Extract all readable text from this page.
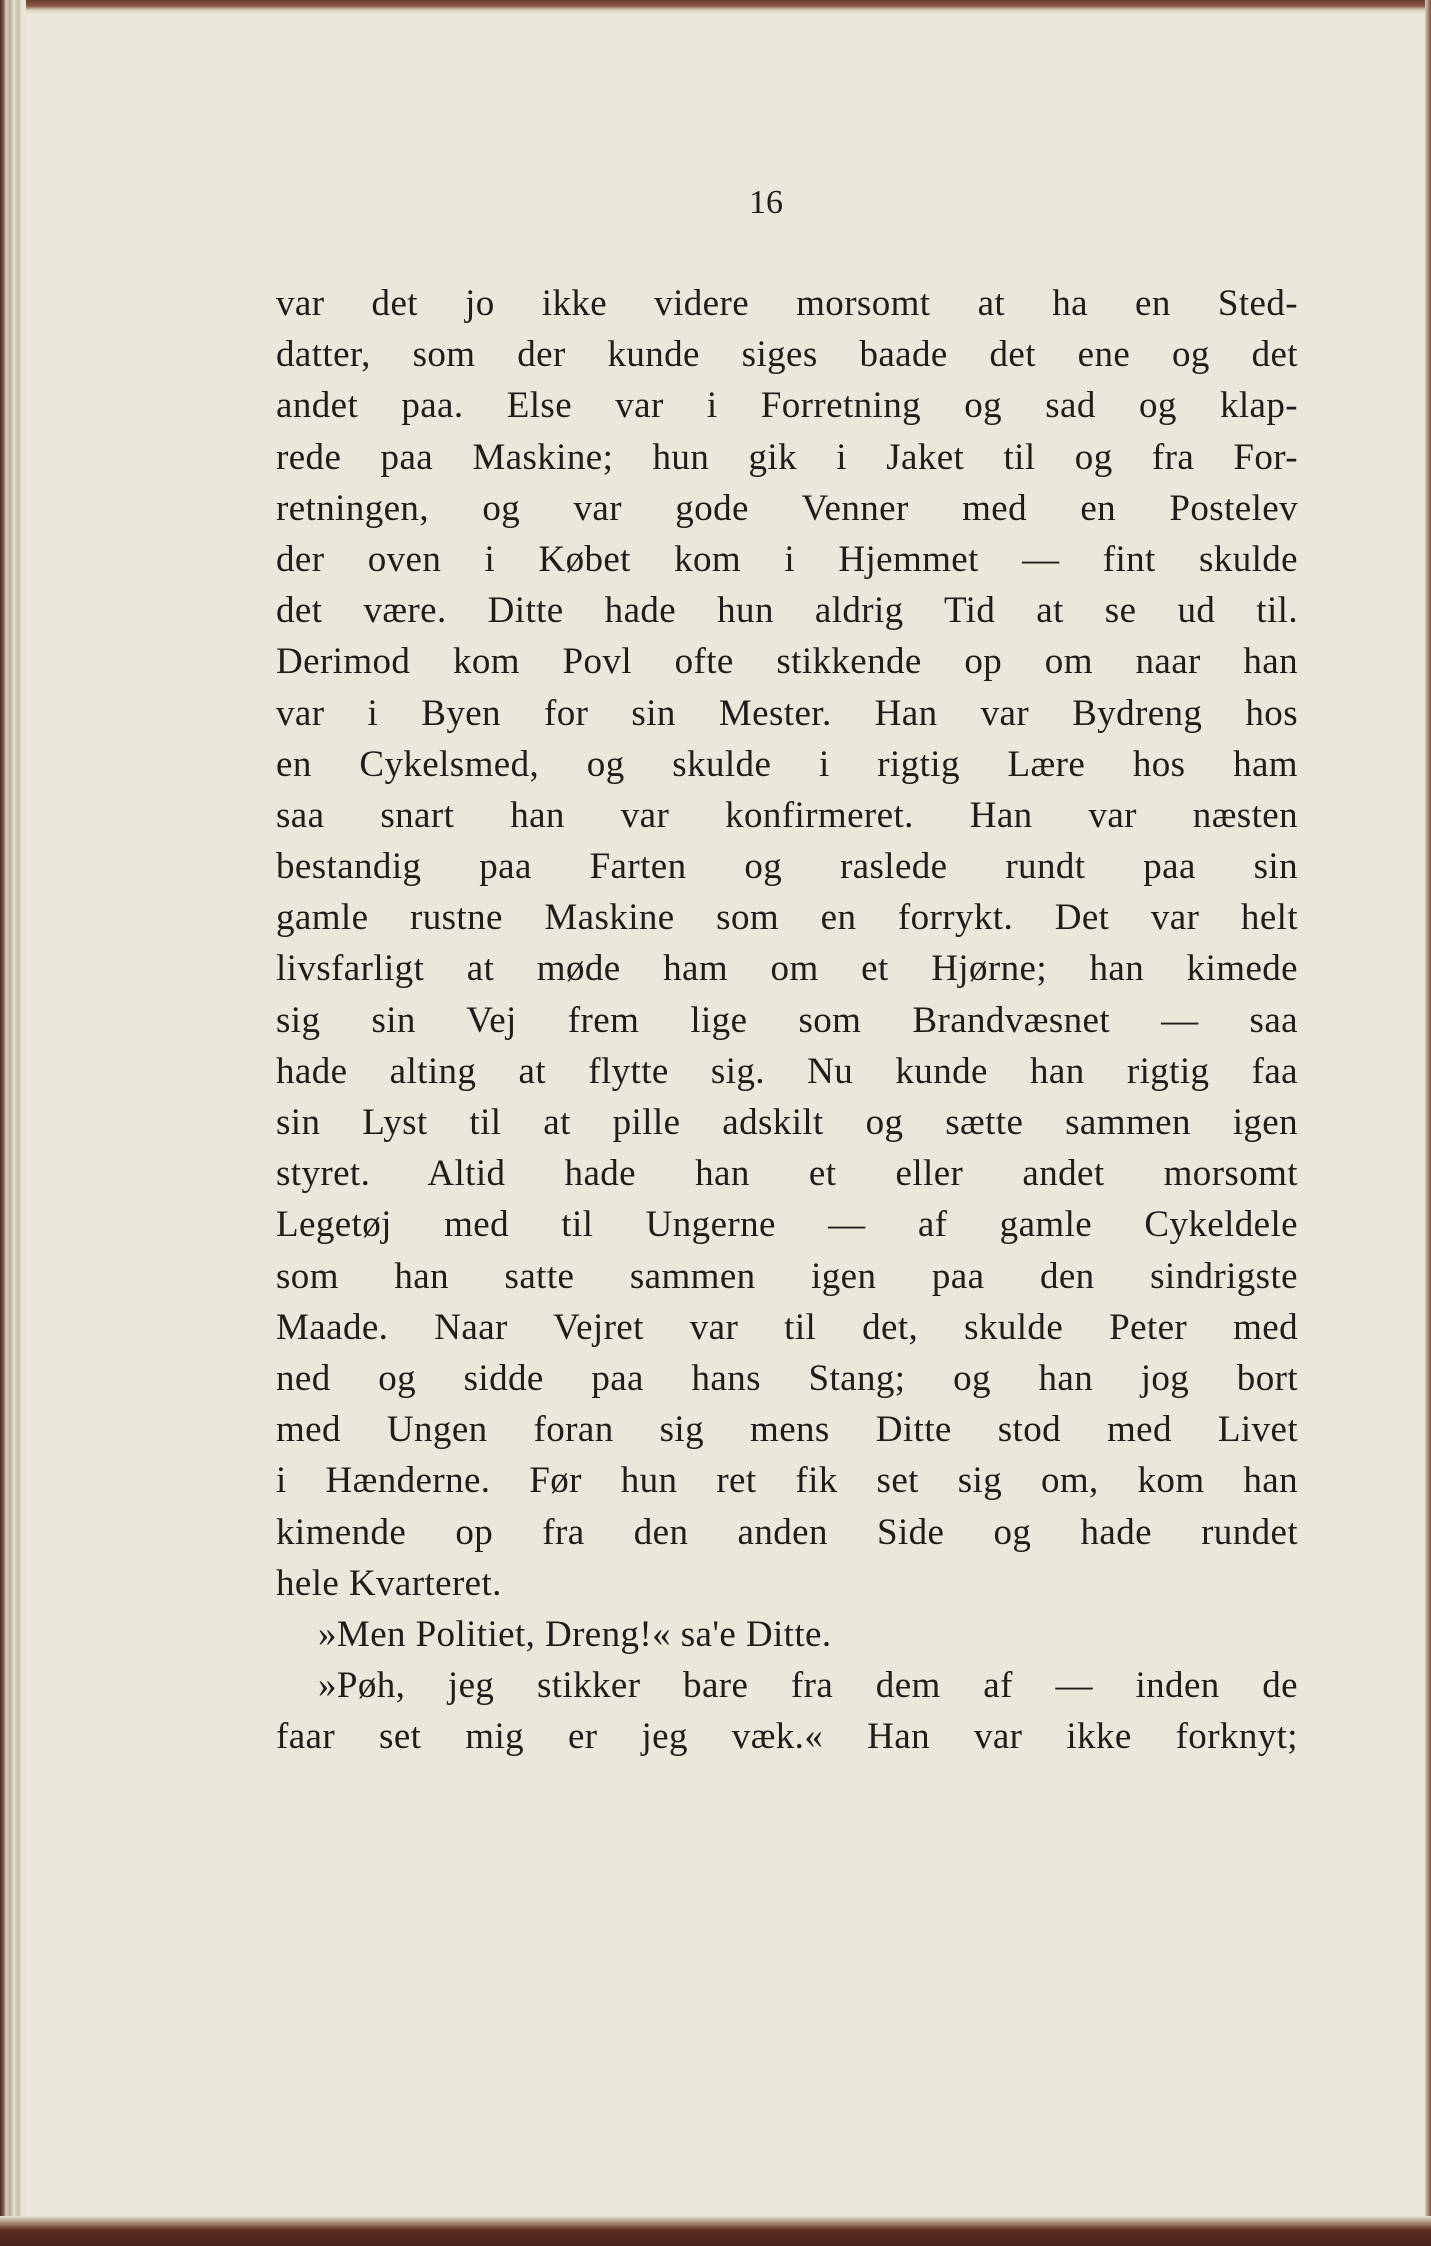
16
var det jo ikke videre morsomt at ha en Sted-
datter, som der kunde siges baade det ene og det
andet paa. Else var i Forretning og sad og klap-
rede paa Maskine; hun gik i Jaket til og fra For-
retningen, og var gode Venner med en Postelev
der oven i Købet kom i Hjemmet — fint skulde
det være. Ditte hade hun aldrig Tid at se ud til.
Derimod kom Povl ofte stikkende op om naar han
var i Byen for sin Mester. Han var Bydreng hos
en Cykelsmed, og skulde i rigtig Lære hos ham
saa snart han var konfirmeret. Han var næsten
bestandig paa Farten og raslede rundt paa sin
gamle rustne Maskine som en forrykt. Det var helt
livsfarligt at møde ham om et Hjørne; han kimede
sig sin Vej frem lige som Brandvæsnet — saa
hade alting at flytte sig. Nu kunde han rigtig faa
sin Lyst til at pille adskilt og sætte sammen igen
styret. Altid hade han et eller andet morsomt
Legetøj med til Ungerne — af gamle Cykeldele
som han satte sammen igen paa den sindrigste
Maade. Naar Vejret var til det, skulde Peter med
ned og sidde paa hans Stang; og han jog bort
med Ungen foran sig mens Ditte stod med Livet
i Hænderne. Før hun ret fik set sig om, kom han
kimende op fra den anden Side og hade rundet
hele Kvarteret.
»Men Politiet, Dreng!« sa'e Ditte.
»Pøh, jeg stikker bare fra dem af — inden de
faar set mig er jeg væk.« Han var ikke forknyt;
